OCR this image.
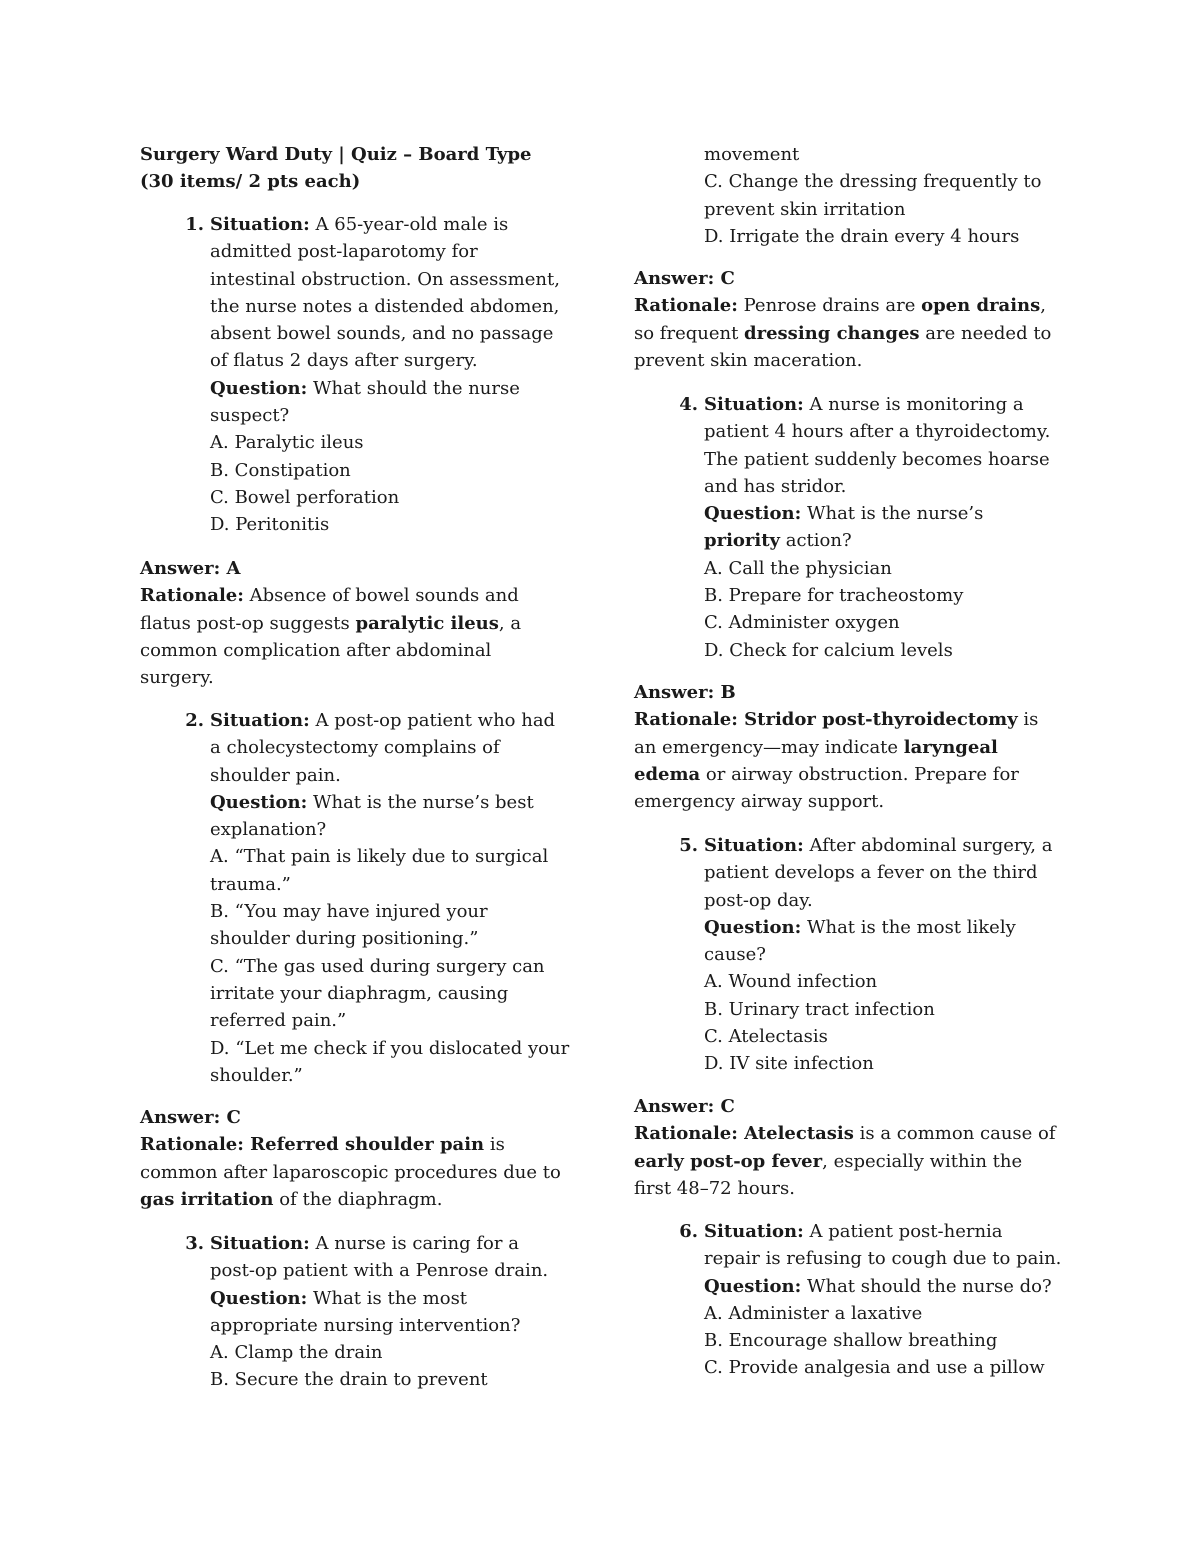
Surgery Ward Duty | Quiz – Board Type
(30 items/ 2 pts each)
1. Situation: A 65-year-old male is
admitted post-laparotomy for
intestinal obstruction. On assessment,
the nurse notes a distended abdomen,
absent bowel sounds, and no passage
of flatus 2 days after surgery.
Question: What should the nurse
suspect?
A. Paralytic ileus
B. Constipation
C. Bowel perforation
D. Peritonitis
Answer: A
Rationale: Absence of bowel sounds and
flatus post-op suggests paralytic ileus, a
common complication after abdominal
surgery.
2. Situation: A post-op patient who had
a cholecystectomy complains of
shoulder pain.
Question: What is the nurse’s best
explanation?
A. “That pain is likely due to surgical
trauma.”
B. “You may have injured your
shoulder during positioning.”
C. “The gas used during surgery can
irritate your diaphragm, causing
referred pain.”
D. “Let me check if you dislocated your
shoulder.”
Answer: C
Rationale: Referred shoulder pain is
common after laparoscopic procedures due to
gas irritation of the diaphragm.
3. Situation: A nurse is caring for a
post-op patient with a Penrose drain.
Question: What is the most
appropriate nursing intervention?
A. Clamp the drain
B. Secure the drain to prevent
movement
C. Change the dressing frequently to
prevent skin irritation
D. Irrigate the drain every 4 hours
Answer: C
Rationale: Penrose drains are open drains,
so frequent dressing changes are needed to
prevent skin maceration.
4. Situation: A nurse is monitoring a
patient 4 hours after a thyroidectomy.
The patient suddenly becomes hoarse
and has stridor.
Question: What is the nurse’s
priority action?
A. Call the physician
B. Prepare for tracheostomy
C. Administer oxygen
D. Check for calcium levels
Answer: B
Rationale: Stridor post-thyroidectomy is
an emergency—may indicate laryngeal
edema or airway obstruction. Prepare for
emergency airway support.
5. Situation: After abdominal surgery, a
patient develops a fever on the third
post-op day.
Question: What is the most likely
cause?
A. Wound infection
B. Urinary tract infection
C. Atelectasis
D. IV site infection
Answer: C
Rationale: Atelectasis is a common cause of
early post-op fever, especially within the
first 48–72 hours.
6. Situation: A patient post-hernia
repair is refusing to cough due to pain.
Question: What should the nurse do?
A. Administer a laxative
B. Encourage shallow breathing
C. Provide analgesia and use a pillow
